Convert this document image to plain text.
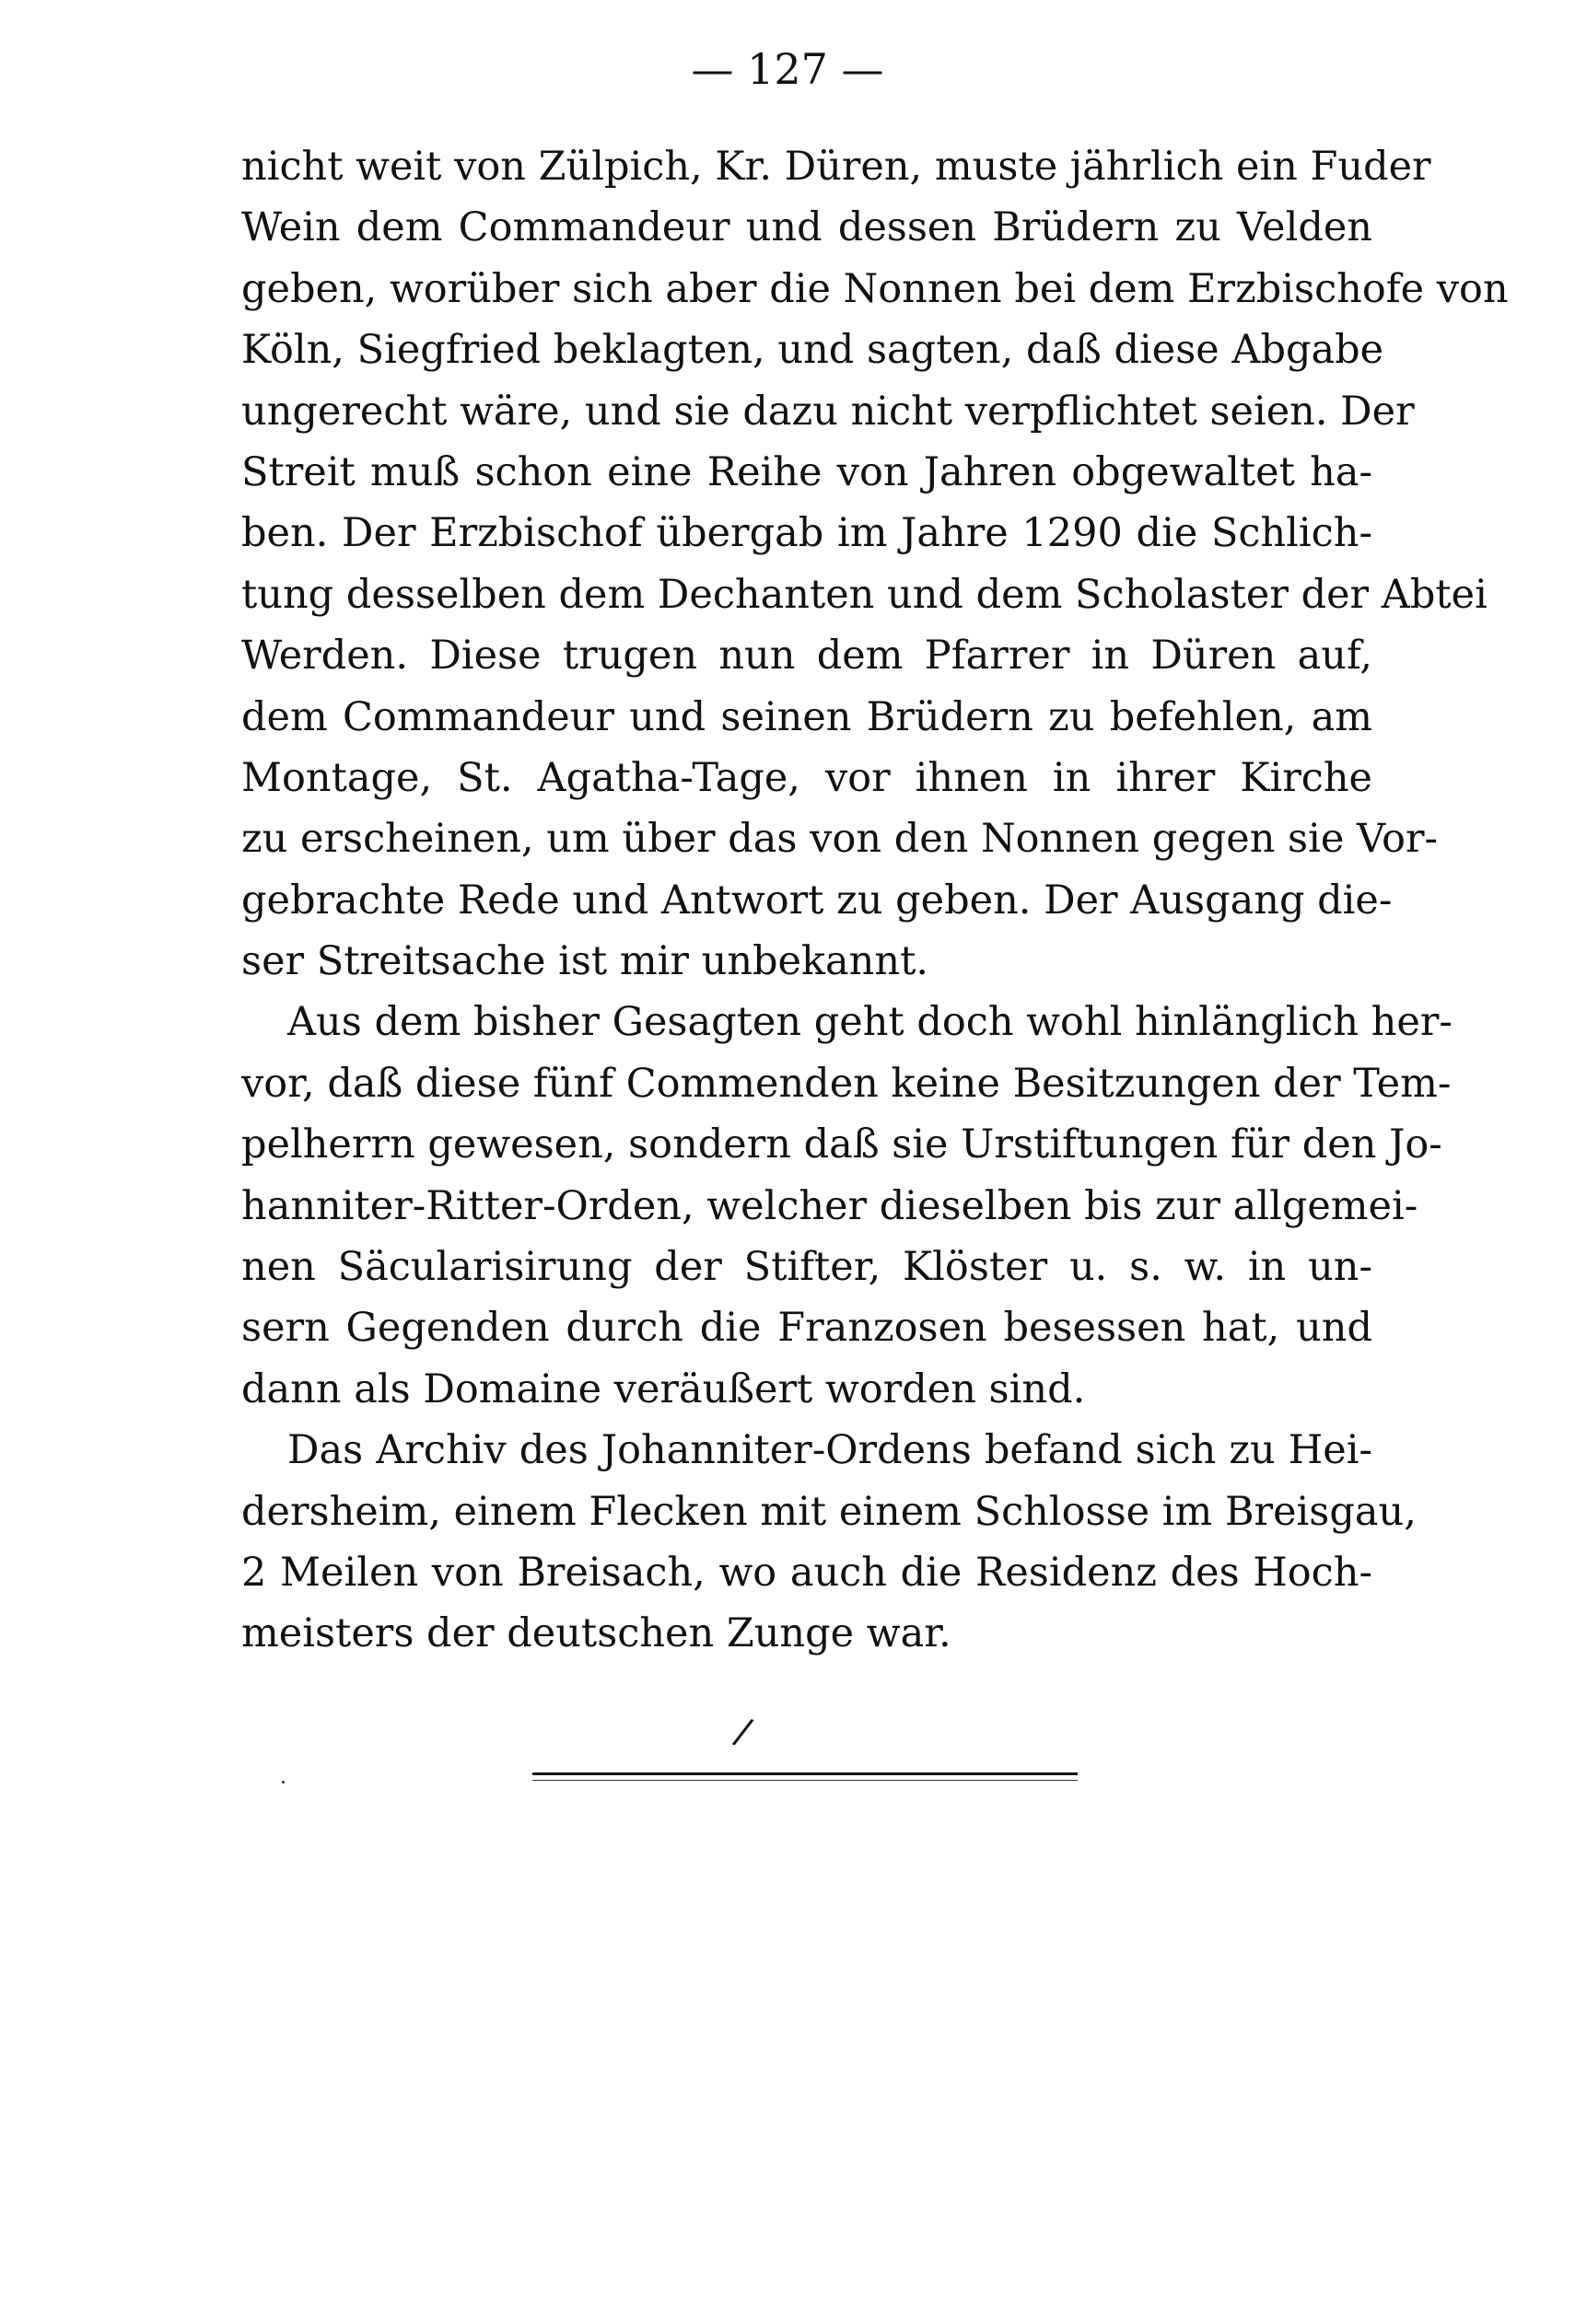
— 127 —
nicht weit von Zülpich, Kr. Düren, muste jährlich ein Fuder
Wein dem Commandeur und dessen Brüdern zu Velden
geben, worüber sich aber die Nonnen bei dem Erzbischofe von
Köln, Siegfried beklagten, und sagten, daß diese Abgabe
ungerecht wäre, und sie dazu nicht verpflichtet seien. Der
Streit muß schon eine Reihe von Jahren obgewaltet ha-
ben. Der Erzbischof übergab im Jahre 1290 die Schlich-
tung desselben dem Dechanten und dem Scholaster der Abtei
Werden. Diese trugen nun dem Pfarrer in Düren auf,
dem Commandeur und seinen Brüdern zu befehlen, am
Montage, St. Agatha-Tage, vor ihnen in ihrer Kirche
zu erscheinen, um über das von den Nonnen gegen sie Vor-
gebrachte Rede und Antwort zu geben. Der Ausgang die-
ser Streitsache ist mir unbekannt.
Aus dem bisher Gesagten geht doch wohl hinlänglich her-
vor, daß diese fünf Commenden keine Besitzungen der Tem-
pelherrn gewesen, sondern daß sie Urstiftungen für den Jo-
hanniter-Ritter-Orden, welcher dieselben bis zur allgemei-
nen Säcularisirung der Stifter, Klöster u. s. w. in un-
sern Gegenden durch die Franzosen besessen hat, und
dann als Domaine veräußert worden sind.
Das Archiv des Johanniter-Ordens befand sich zu Hei-
dersheim, einem Flecken mit einem Schlosse im Breisgau,
2 Meilen von Breisach, wo auch die Residenz des Hoch-
meisters der deutschen Zunge war.
/
